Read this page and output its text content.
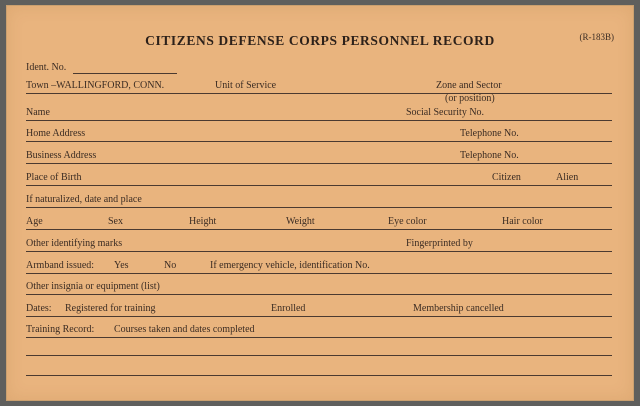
CITIZENS DEFENSE CORPS PERSONNEL RECORD	(R-183B)
Ident. No.
Town –WALLINGFORD, CONN.	Unit of Service	Zone and Sector
(or position)
Name	Social Security No.
Home Address	Telephone No.
Business Address	Telephone No.
Place of Birth	Citizen	Alien
If naturalized, date and place
Age	Sex	Height	Weight	Eye color	Hair color
Other identifying marks	Fingerprinted by
Armband issued: Yes	No	If emergency vehicle, identification No.
Other insignia or equipment (list)
Dates: Registered for training	Enrolled	Membership cancelled
Training Record: Courses taken and dates completed
